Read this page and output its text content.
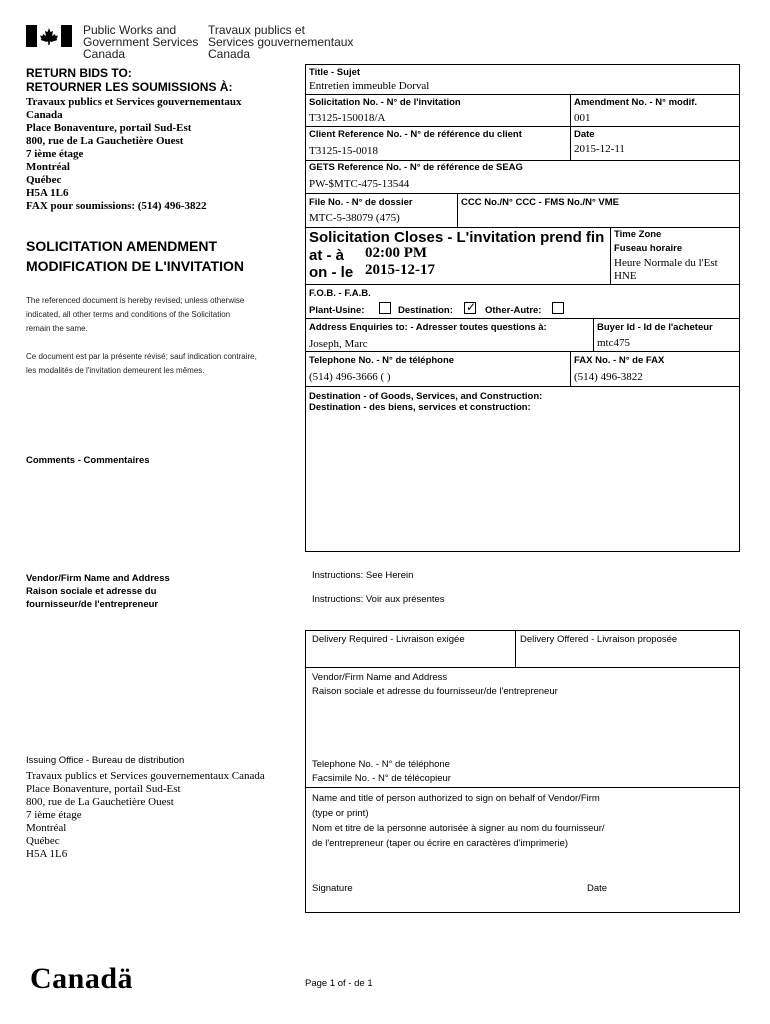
Public Works and
Government Services
Canada
Travaux publics et
Services gouvernementaux
Canada
RETURN BIDS TO:
RETOURNER LES SOUMISSIONS À:
Travaux publics et Services gouvernementaux
Canada
Place Bonaventure, portail Sud-Est
800, rue de La Gauchetière Ouest
7 ième étage
Montréal
Québec
H5A 1L6
FAX pour soumissions: (514) 496-3822
SOLICITATION AMENDMENT
MODIFICATION DE L'INVITATION
The referenced document is hereby revised; unless otherwise
indicated, all other terms and conditions of the Solicitation
remain the same.
Ce document est par la présente révisé; sauf indication contraire,
les modalités de l'invitation demeurent les mêmes.
Comments - Commentaires
Title - Sujet
Entretien immeuble Dorval
Solicitation No. - N° de l'invitation
T3125-150018/A
Amendment No. - N° modif.
001
Client Reference No. - N° de référence du client
T3125-15-0018
Date
2015-12-11
GETS Reference No. - N° de référence de SEAG
PW-$MTC-475-13544
File No. - N° de dossier
MTC-5-38079 (475)
CCC No./N° CCC - FMS No./N° VME
Solicitation Closes - L'invitation prend fin
at - à 02:00 PM
on - le 2015-12-17
Time Zone
Fuseau horaire
Heure Normale du l'Est
HNE
F.O.B. - F.A.B.
Plant-Usine:	Destination: ✓ Other-Autre:
Address Enquiries to: - Adresser toutes questions à:
Joseph, Marc
Buyer Id - Id de l'acheteur
mtc475
Telephone No. - N° de téléphone
(514) 496-3666 ( )
FAX No. - N° de FAX
(514) 496-3822
Destination - of Goods, Services, and Construction:
Destination - des biens, services et construction:
Vendor/Firm Name and Address
Raison sociale et adresse du
fournisseur/de l'entrepreneur
Instructions: See Herein
Instructions: Voir aux présentes
Delivery Required - Livraison exigée	Delivery Offered - Livraison proposée
Vendor/Firm Name and Address
Raison sociale et adresse du fournisseur/de l'entrepreneur
Telephone No. - N° de téléphone
Facsimile No. - N° de télécopieur
Name and title of person authorized to sign on behalf of Vendor/Firm
(type or print)
Nom et titre de la personne autorisée à signer au nom du fournisseur/
de l'entrepreneur (taper ou écrire en caractères d'imprimerie)
Signature	Date
Issuing Office - Bureau de distribution
Travaux publics et Services gouvernementaux Canada
Place Bonaventure, portail Sud-Est
800, rue de La Gauchetière Ouest
7 ième étage
Montréal
Québec
H5A 1L6
Canadä	Page 1 of - de 1
